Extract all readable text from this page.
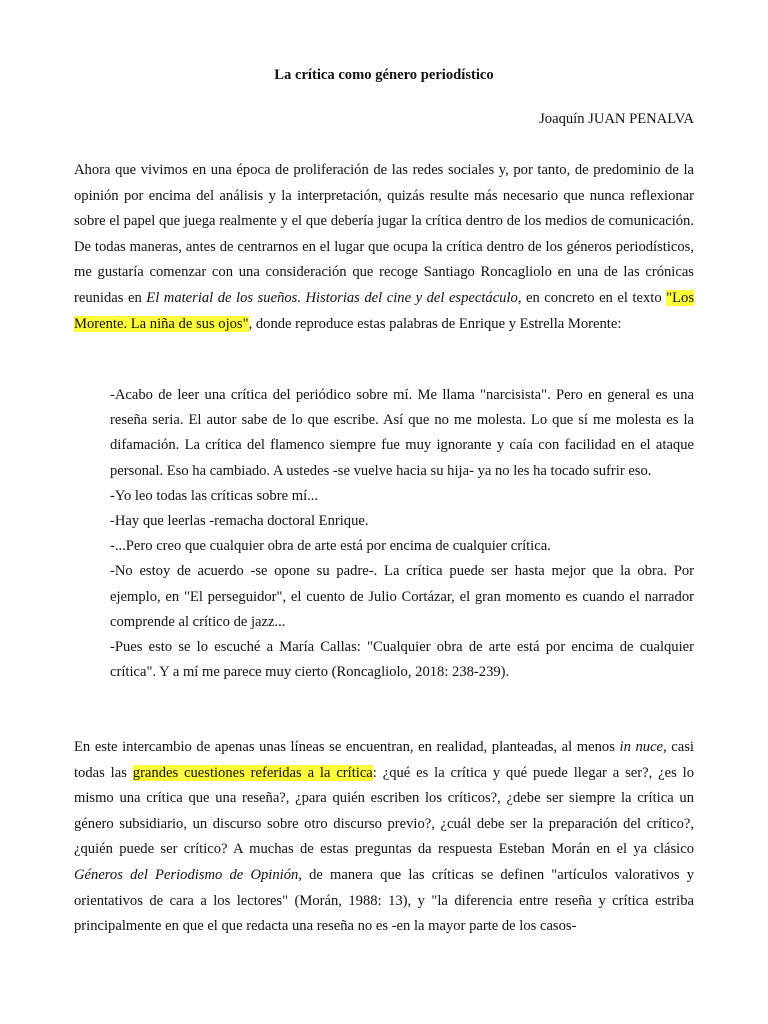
La crítica como género periodístico
Joaquín JUAN PENALVA

Ahora que vivimos en una época de proliferación de las redes sociales y, por tanto, de predominio de la opinión por encima del análisis y la interpretación, quizás resulte más necesario que nunca reflexionar sobre el papel que juega realmente y el que debería jugar la crítica dentro de los medios de comunicación. De todas maneras, antes de centrarnos en el lugar que ocupa la crítica dentro de los géneros periodísticos, me gustaría comenzar con una consideración que recoge Santiago Roncagliolo en una de las crónicas reunidas en El material de los sueños. Historias del cine y del espectáculo, en concreto en el texto "Los Morente. La niña de sus ojos", donde reproduce estas palabras de Enrique y Estrella Morente:

-Acabo de leer una crítica del periódico sobre mí. Me llama "narcisista". Pero en general es una reseña seria. El autor sabe de lo que escribe. Así que no me molesta. Lo que sí me molesta es la difamación. La crítica del flamenco siempre fue muy ignorante y caía con facilidad en el ataque personal. Eso ha cambiado. A ustedes -se vuelve hacia su hija- ya no les ha tocado sufrir eso.
-Yo leo todas las críticas sobre mí...
-Hay que leerlas -remacha doctoral Enrique.
-...Pero creo que cualquier obra de arte está por encima de cualquier crítica.
-No estoy de acuerdo -se opone su padre-. La crítica puede ser hasta mejor que la obra. Por ejemplo, en "El perseguidor", el cuento de Julio Cortázar, el gran momento es cuando el narrador comprende al crítico de jazz...
-Pues esto se lo escuché a María Callas: "Cualquier obra de arte está por encima de cualquier crítica". Y a mí me parece muy cierto (Roncagliolo, 2018: 238-239).

En este intercambio de apenas unas líneas se encuentran, en realidad, planteadas, al menos in nuce, casi todas las grandes cuestiones referidas a la crítica: ¿qué es la crítica y qué puede llegar a ser?, ¿es lo mismo una crítica que una reseña?, ¿para quién escriben los críticos?, ¿debe ser siempre la crítica un género subsidiario, un discurso sobre otro discurso previo?, ¿cuál debe ser la preparación del crítico?, ¿quién puede ser crítico? A muchas de estas preguntas da respuesta Esteban Morán en el ya clásico Géneros del Periodismo de Opinión, de manera que las críticas se definen "artículos valorativos y orientativos de cara a los lectores" (Morán, 1988: 13), y "la diferencia entre reseña y crítica estriba principalmente en que el que redacta una reseña no es -en la mayor parte de los casos-
